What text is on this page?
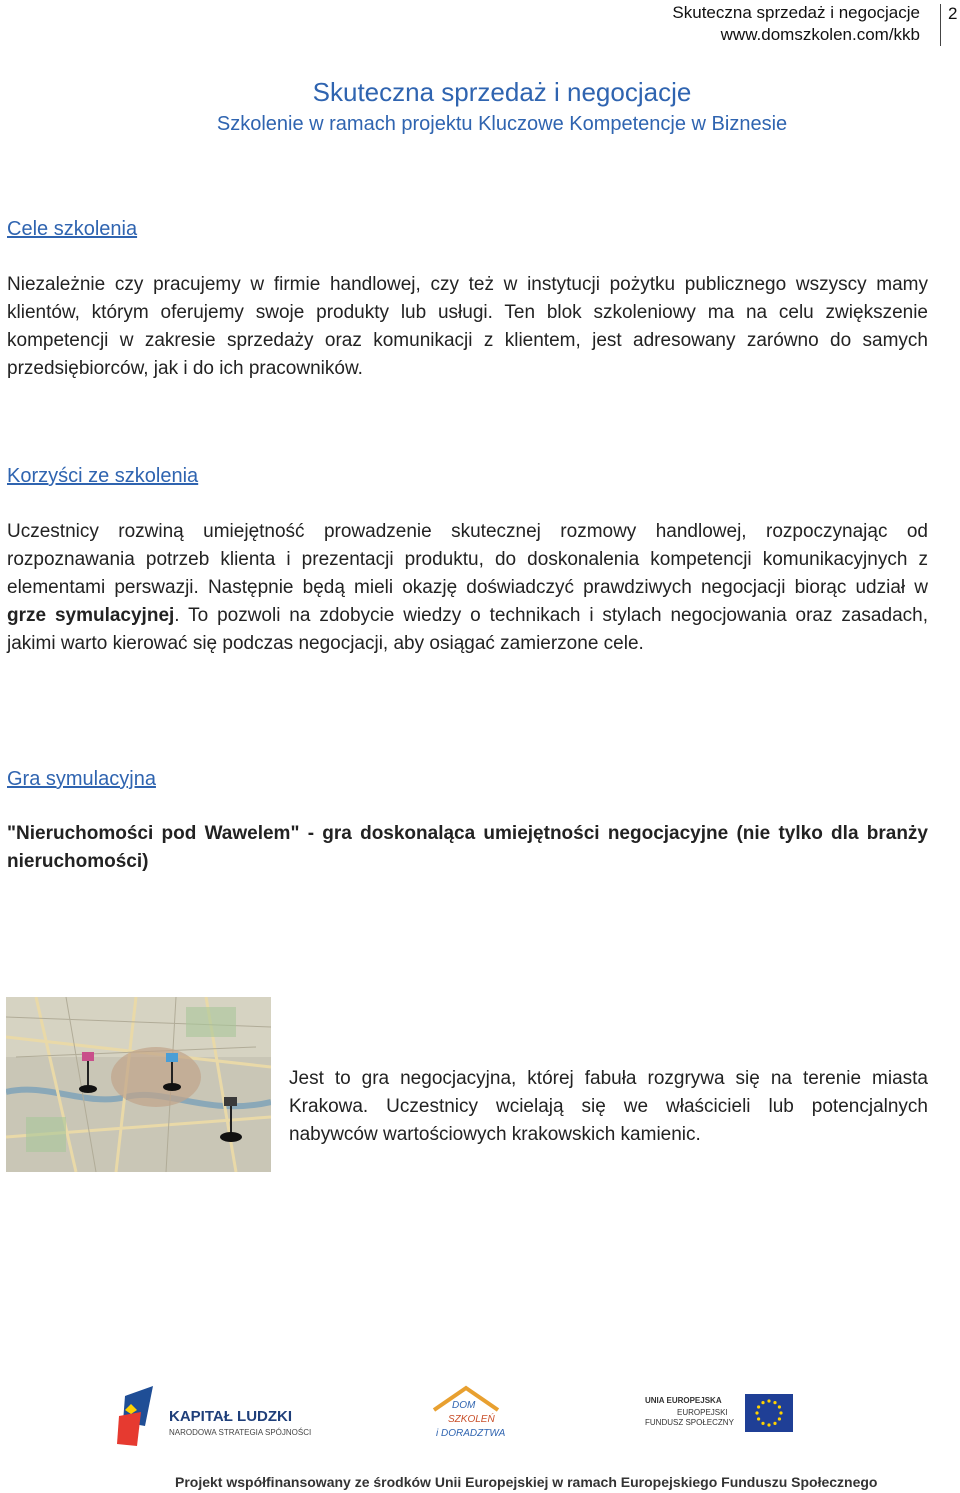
Skuteczna sprzedaż i negocjacje
www.domszkolen.com/kkb
2
Skuteczna sprzedaż i negocjacje
Szkolenie w ramach projektu Kluczowe Kompetencje w Biznesie
Cele szkolenia
Niezależnie czy pracujemy w firmie handlowej, czy też w instytucji pożytku publicznego wszyscy mamy klientów, którym oferujemy swoje produkty lub usługi. Ten blok szkoleniowy ma na celu zwiększenie kompetencji w zakresie sprzedaży oraz komunikacji z klientem, jest adresowany zarówno do samych przedsiębiorców, jak i do ich pracowników.
Korzyści ze szkolenia
Uczestnicy rozwiną umiejętność prowadzenie skutecznej rozmowy handlowej, rozpoczynając od rozpoznawania potrzeb klienta i prezentacji produktu, do doskonalenia kompetencji komunikacyjnych z elementami perswazji. Następnie będą mieli okazję doświadczyć prawdziwych negocjacji biorąc udział w grze symulacyjnej. To pozwoli na zdobycie wiedzy o technikach i stylach negocjowania oraz zasadach, jakimi warto kierować się podczas negocjacji, aby osiągać zamierzone cele.
Gra symulacyjna
"Nieruchomości pod Wawelem" - gra doskonaląca umiejętności negocjacyjne (nie tylko dla branży nieruchomości)
Jest to gra negocjacyjna, której fabuła rozgrywa się na terenie miasta Krakowa. Uczestnicy wcielają się we właścicieli lub potencjalnych nabywców wartościowych krakowskich kamienic.
KAPITAŁ LUDZKI
NARODOWA STRATEGIA SPÓJNOŚCI
DOM
SZKOLEŃ
i DORADZTWA
UNIA EUROPEJSKA
EUROPEJSKI
FUNDUSZ SPOŁECZNY
Projekt współfinansowany ze środków Unii Europejskiej w ramach Europejskiego Funduszu Społecznego
